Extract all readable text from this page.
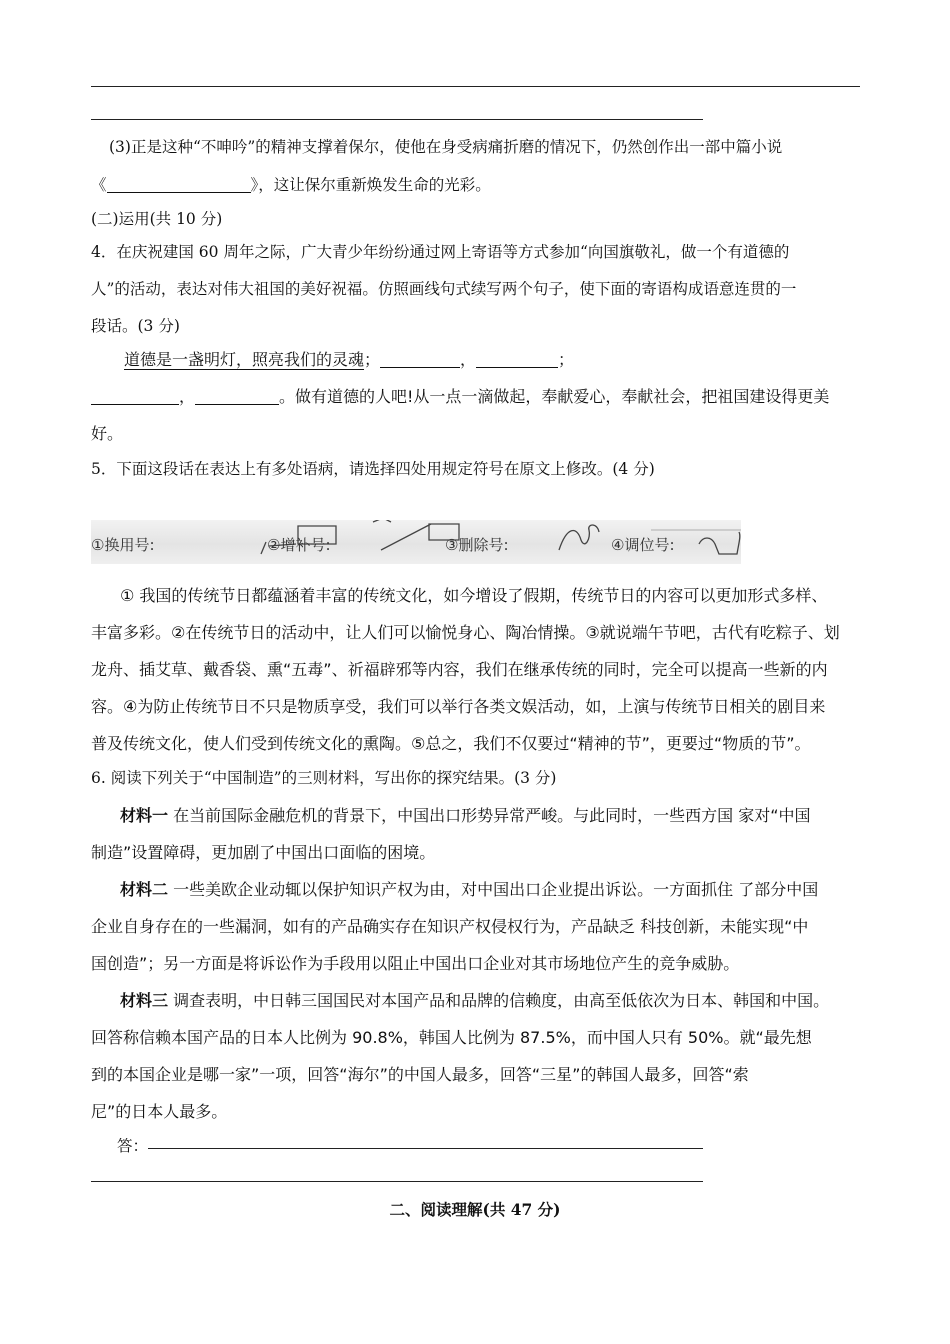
(3)正是这种“不呻吟”的精神支撑着保尔，使他在身受病痛折磨的情况下，仍然创作出一部中篇小说
《	》，这让保尔重新焕发生命的光彩。
(二)运用(共 10 分)
4．在庆祝建国 60 周年之际，广大青少年纷纷通过网上寄语等方式参加“向国旗敬礼，做一个有道德的
人”的活动，表达对伟大祖国的美好祝福。仿照画线句式续写两个句子，使下面的寄语构成语意连贯的一
段话。(3 分)
道德是一盏明灯，照亮我们的灵魂；	，	；
，	。做有道德的人吧!从一点一滴做起，奉献爱心，奉献社会，把祖国建设得更美
好。
5．下面这段话在表达上有多处语病，请选择四处用规定符号在原文上修改。(4 分)
①换用号:	②增补号:	③删除号:	④调位号:
① 我国的传统节日都蕴涵着丰富的传统文化，如今增设了假期，传统节日的内容可以更加形式多样、
丰富多彩。②在传统节日的活动中，让人们可以愉悦身心、陶冶情操。③就说端午节吧，古代有吃粽子、划
龙舟、插艾草、戴香袋、熏“五毒”、祈福辟邪等内容，我们在继承传统的同时，完全可以提高一些新的内
容。④为防止传统节日不只是物质享受，我们可以举行各类文娱活动，如，上演与传统节日相关的剧目来
普及传统文化，使人们受到传统文化的熏陶。⑤总之，我们不仅要过“精神的节”，更要过“物质的节”。
6. 阅读下列关于“中国制造”的三则材料，写出你的探究结果。(3 分)
材料一 在当前国际金融危机的背景下，中国出口形势异常严峻。与此同时，一些西方国 家对“中国
制造”设置障碍，更加剧了中国出口面临的困境。
材料二 一些美欧企业动辄以保护知识产权为由，对中国出口企业提出诉讼。一方面抓住 了部分中国
企业自身存在的一些漏洞，如有的产品确实存在知识产权侵权行为，产品缺乏 科技创新，未能实现“中
国创造”；另一方面是将诉讼作为手段用以阻止中国出口企业对其市场地位产生的竞争威胁。
材料三 调查表明，中日韩三国国民对本国产品和品牌的信赖度，由高至低依次为日本、韩国和中国。
回答称信赖本国产品的日本人比例为 90.8%，韩国人比例为 87.5%，而中国人只有 50%。就“最先想
到的本国企业是哪一家”一项，回答“海尔”的中国人最多，回答“三星”的韩国人最多，回答“索
尼”的日本人最多。
答：
二、阅读理解(共 47 分)
